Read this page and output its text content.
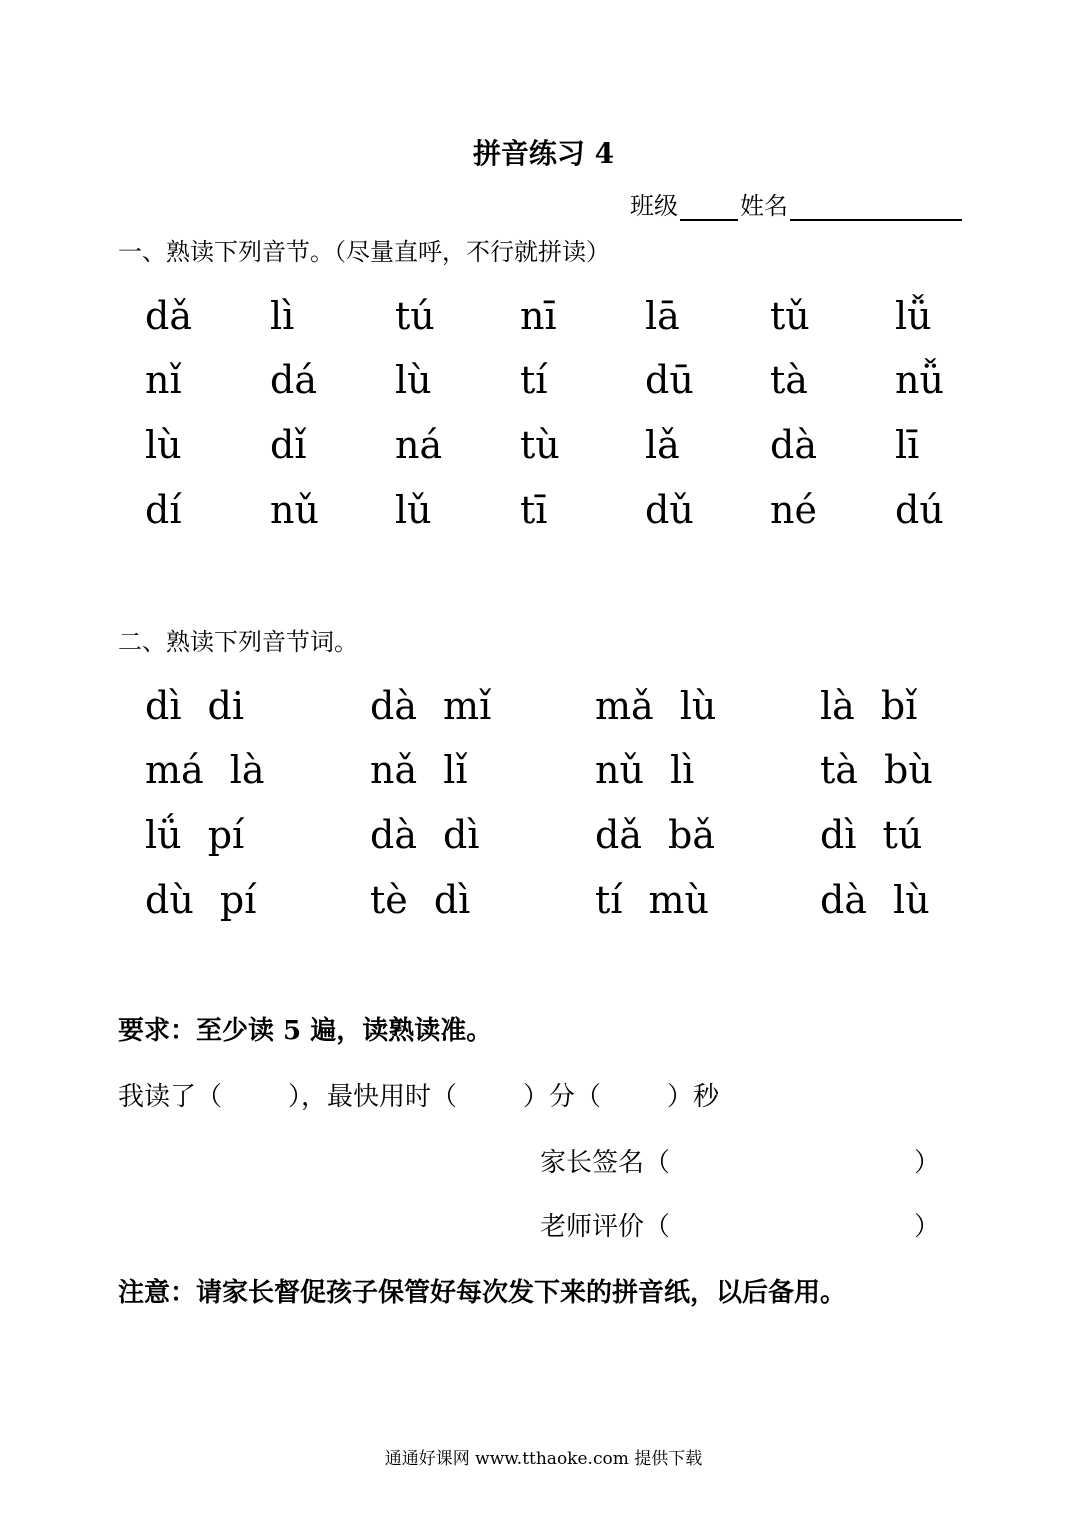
拼音练习 4
班级	姓名
一、熟读下列音节。（尽量直呼，不行就拼读）
dǎ lì	tú nī lā tǔ lǚ
nǐ dá lù tí	dū tà nǚ
lù dǐ ná tù lǎ dà lī
dí nǔ lǔ tī	dǔ né dú
二、熟读下列音节词。
dì di	dà mǐ	mǎ lù	là bǐ
má là	nǎ lǐ	nǔ lì	tà bù
lǘ pí	dà dì	dǎ bǎ	dì tú
dù pí	tè dì	tí mù	dà lù
要求：至少读 5 遍，读熟读准。
我读了（	），最快用时（	）分（	）秒
家长签名（	）
老师评价（	）
注意：请家长督促孩子保管好每次发下来的拼音纸，以后备用。
通通好课网 www.tthaoke.com 提供下载
